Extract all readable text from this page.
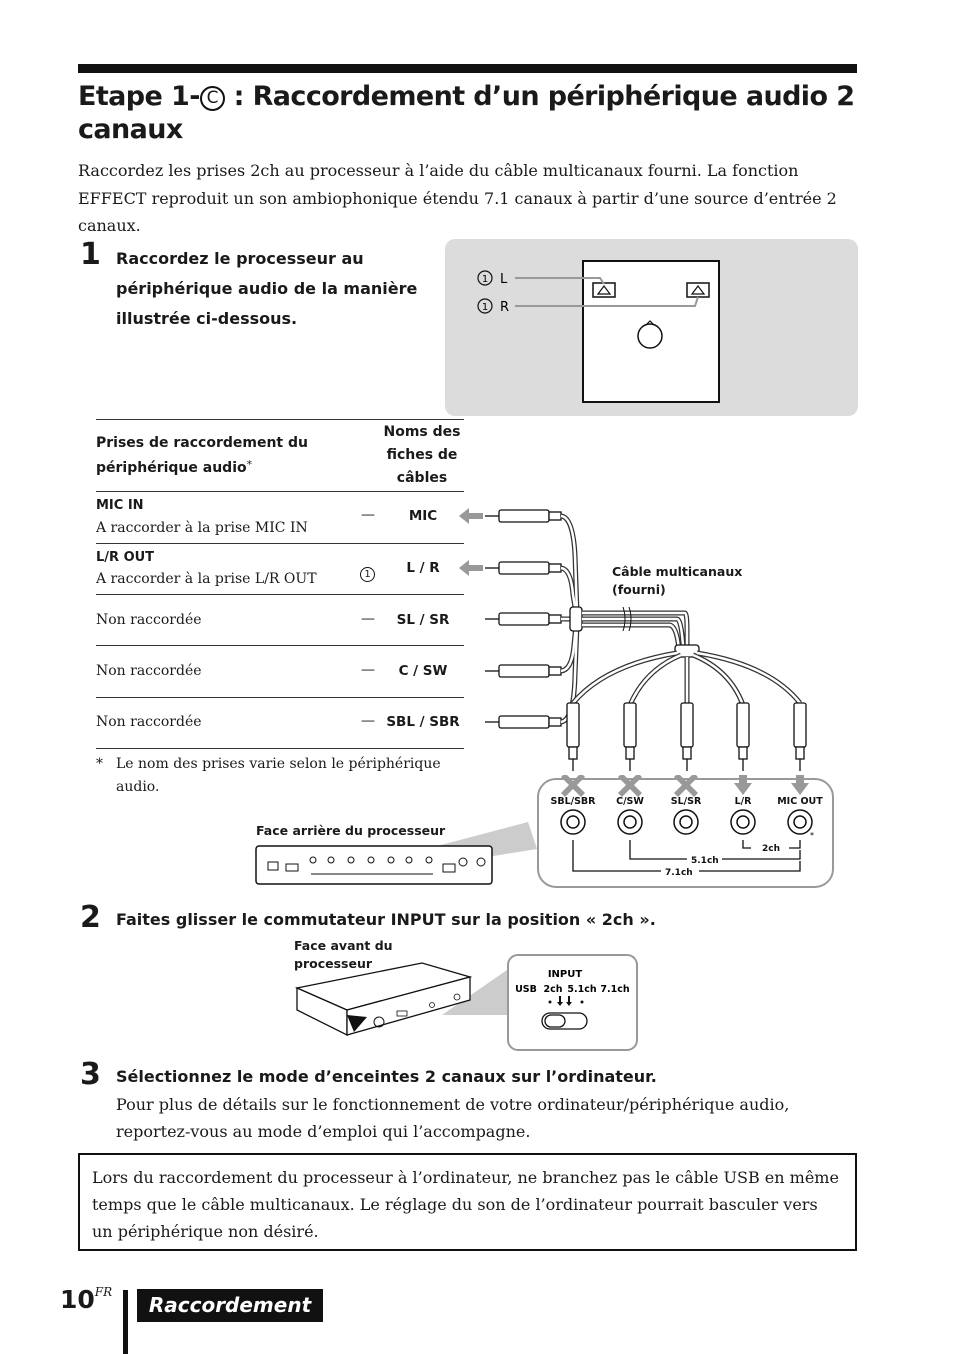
Etape 1- C : Raccordement d’un périphérique audio 2 canaux

Raccordez les prises 2ch au processeur à l’aide du câble multicanaux fourni. La fonction EFFECT reproduit un son ambiophonique étendu 7.1 canaux à partir d’une source d’entrée 2 canaux.

1 Raccordez le processeur au périphérique audio de la manière illustrée ci-dessous.

1 L
1 R
Prises de raccordement du périphérique audio*
Noms des fiches de câbles
MIC IN
A raccorder à la prise MIC IN
—	MIC
L/R OUT
A raccorder à la prise L/R OUT	1	L / R
Non raccordée	—	SL / SR
Non raccordée	—	C / SW
Non raccordée	— SBL / SBR
* Le nom des prises varie selon le périphérique audio.
Câble multicanaux (fourni)
SBL/SBR C/SW	SL/SR	L/R	MIC OUT
*
2ch
5.1ch
7.1ch
Face arrière du processeur
2 Faites glisser le commutateur INPUT sur la position « 2ch ».

Face avant du processeur
INPUT
USB 2ch 5.1ch 7.1ch
3 Sélectionnez le mode d’enceintes 2 canaux sur l’ordinateur.

Pour plus de détails sur le fonctionnement de votre ordinateur/périphérique audio, reportez-vous au mode d’emploi qui l’accompagne.

Lors du raccordement du processeur à l’ordinateur, ne branchez pas le câble USB en même temps que le câble multicanaux. Le réglage du son de l’ordinateur pourrait basculer vers un périphérique non désiré.
$10^{FR}$
Raccordement
